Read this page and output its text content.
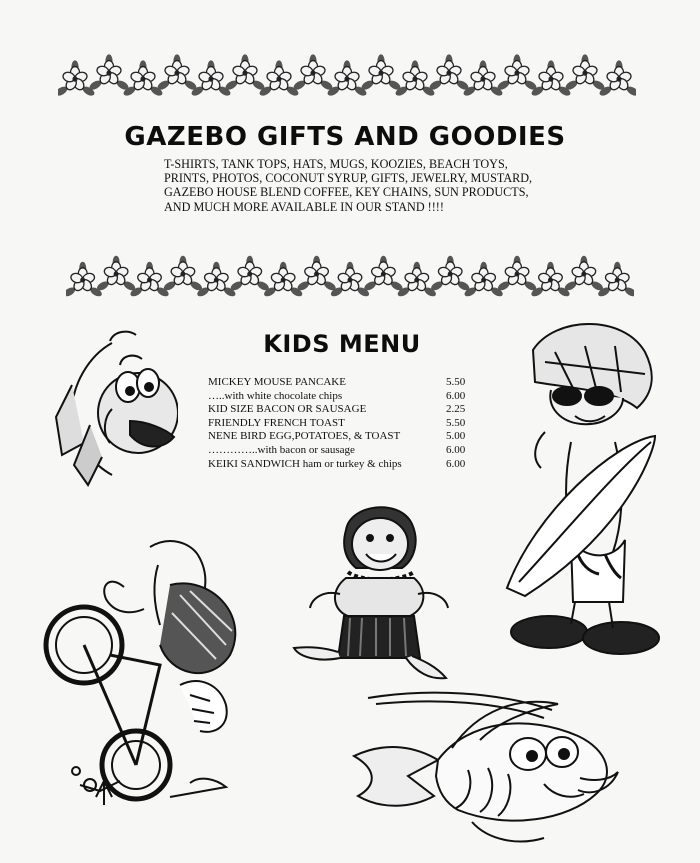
GAZEBO GIFTS AND GOODIES

T-SHIRTS, TANK TOPS, HATS, MUGS, KOOZIES, BEACH TOYS,
PRINTS, PHOTOS, COCONUT SYRUP, GIFTS, JEWELRY, MUSTARD,
GAZEBO HOUSE BLEND COFFEE, KEY CHAINS, SUN PRODUCTS,
AND MUCH MORE AVAILABLE IN OUR STAND !!!!

KIDS MENU
MICKEY MOUSE PANCAKE	5.50
…..with white chocolate chips	6.00
KID SIZE BACON OR SAUSAGE	2.25
FRIENDLY FRENCH TOAST	5.50
NENE BIRD EGG,POTATOES, & TOAST	5.00
…………..with bacon or sausage	6.00
KEIKI SANDWICH ham or turkey & chips	6.00
